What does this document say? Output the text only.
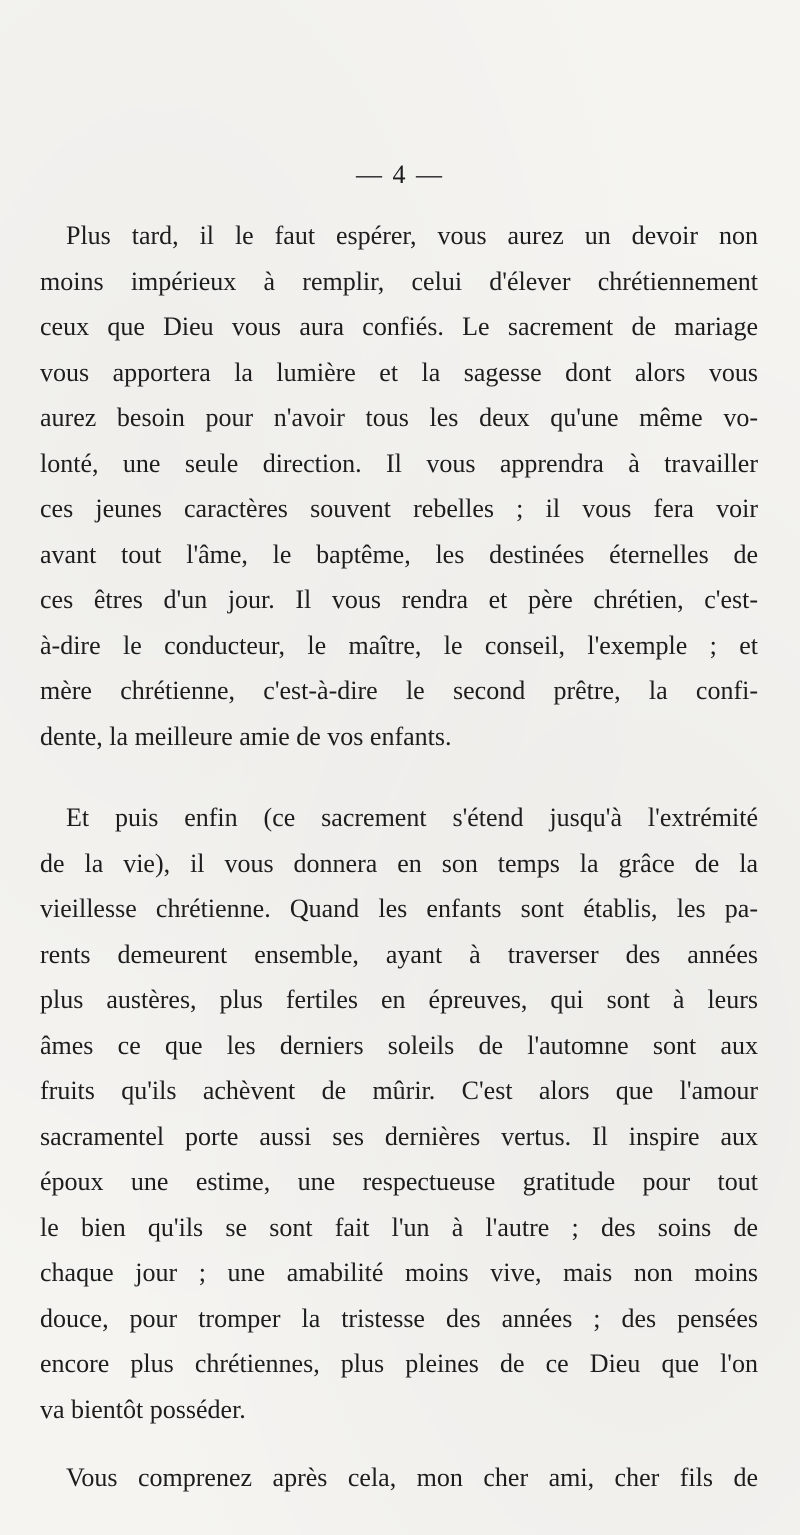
— 4 —
Plus tard, il le faut espérer, vous aurez un devoir non
moins impérieux à remplir, celui d'élever chrétiennement
ceux que Dieu vous aura confiés. Le sacrement de mariage
vous apportera la lumière et la sagesse dont alors vous
aurez besoin pour n'avoir tous les deux qu'une même vo-
lonté, une seule direction. Il vous apprendra à travailler
ces jeunes caractères souvent rebelles ; il vous fera voir
avant tout l'âme, le baptême, les destinées éternelles de
ces êtres d'un jour. Il vous rendra et père chrétien, c'est-
à-dire le conducteur, le maître, le conseil, l'exemple ; et
mère chrétienne, c'est-à-dire le second prêtre, la confi-
dente, la meilleure amie de vos enfants.
Et puis enfin (ce sacrement s'étend jusqu'à l'extrémité
de la vie), il vous donnera en son temps la grâce de la
vieillesse chrétienne. Quand les enfants sont établis, les pa-
rents demeurent ensemble, ayant à traverser des années
plus austères, plus fertiles en épreuves, qui sont à leurs
âmes ce que les derniers soleils de l'automne sont aux
fruits qu'ils achèvent de mûrir. C'est alors que l'amour
sacramentel porte aussi ses dernières vertus. Il inspire aux
époux une estime, une respectueuse gratitude pour tout
le bien qu'ils se sont fait l'un à l'autre ; des soins de
chaque jour ; une amabilité moins vive, mais non moins
douce, pour tromper la tristesse des années ; des pensées
encore plus chrétiennes, plus pleines de ce Dieu que l'on
va bientôt posséder.
Vous comprenez après cela, mon cher ami, cher fils de
